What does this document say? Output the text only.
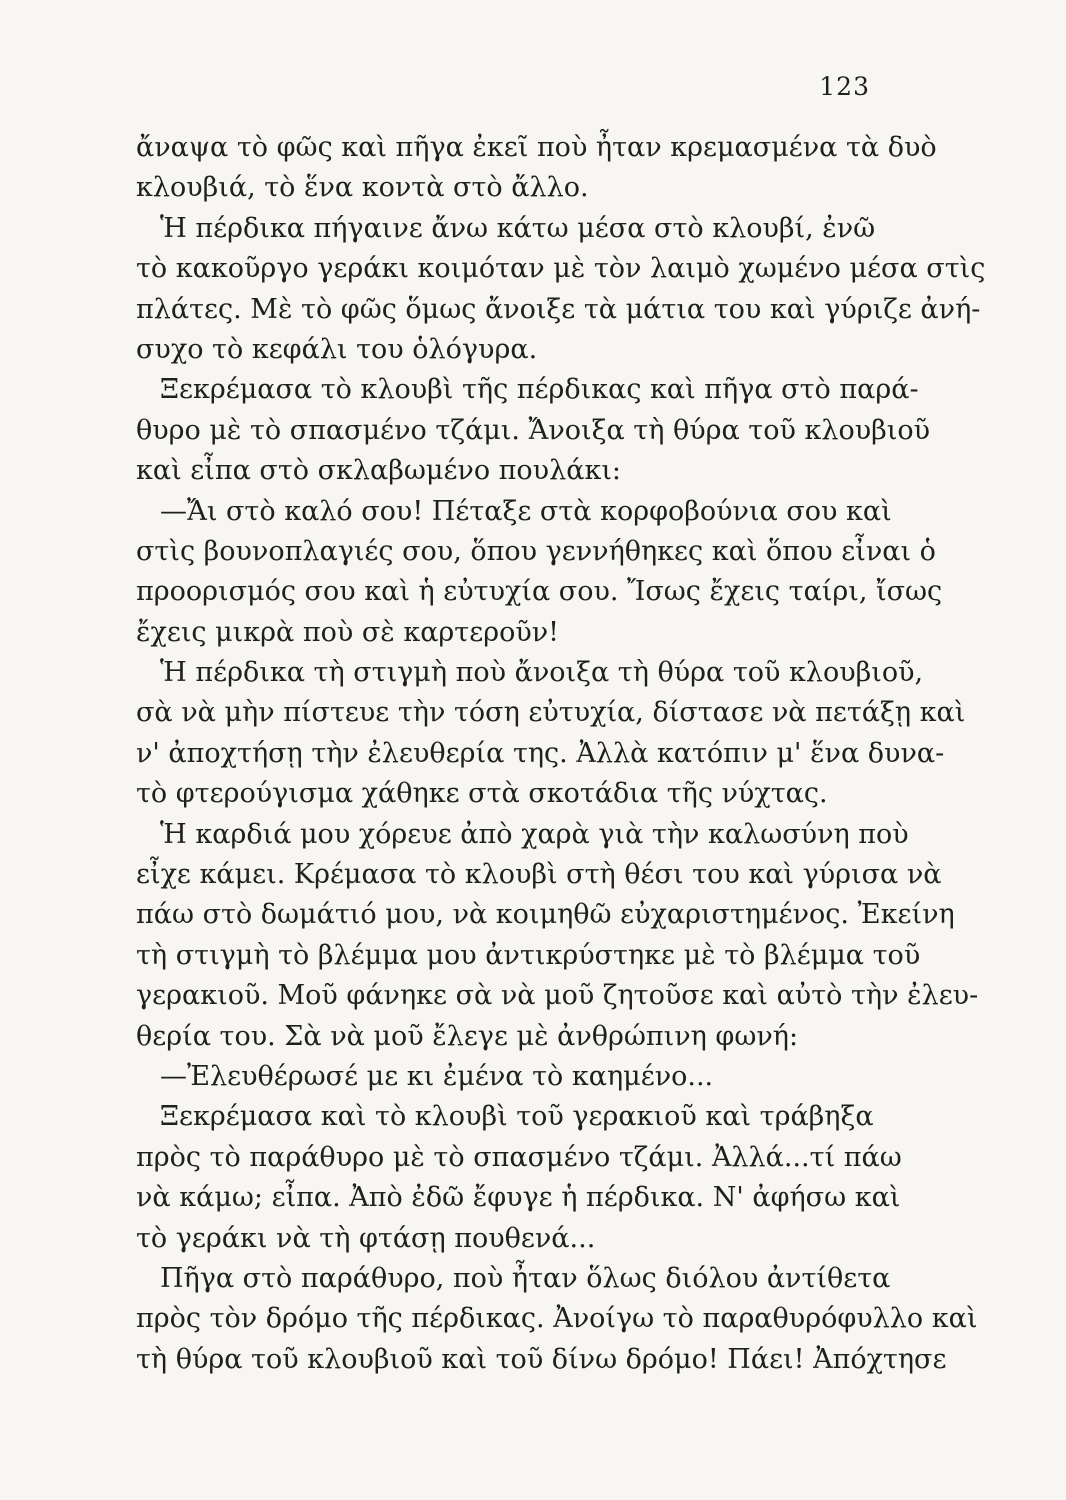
123
ἄναψα τὸ φῶς καὶ πῆγα ἐκεῖ ποὺ ἦταν κρεμασμένα τὰ δυὸ
κλουβιά, τὸ ἕνα κοντὰ στὸ ἄλλο.
Ἡ πέρδικα πήγαινε ἄνω κάτω μέσα στὸ κλουβί, ἐνῶ
τὸ κακοῦργο γεράκι κοιμόταν μὲ τὸν λαιμὸ χωμένο μέσα στὶς
πλάτες. Μὲ τὸ φῶς ὅμως ἄνοιξε τὰ μάτια του καὶ γύριζε ἀνή-
συχο τὸ κεφάλι του ὁλόγυρα.
Ξεκρέμασα τὸ κλουβὶ τῆς πέρδικας καὶ πῆγα στὸ παρά-
θυρο μὲ τὸ σπασμένο τζάμι. Ἄνοιξα τὴ θύρα τοῦ κλουβιοῦ
καὶ εἶπα στὸ σκλαβωμένο πουλάκι:
—Ἄι στὸ καλό σου! Πέταξε στὰ κορφοβούνια σου καὶ
στὶς βουνοπλαγιές σου, ὅπου γεννήθηκες καὶ ὅπου εἶναι ὁ
προορισμός σου καὶ ἡ εὐτυχία σου. Ἴσως ἔχεις ταίρι, ἴσως
ἔχεις μικρὰ ποὺ σὲ καρτεροῦν!
Ἡ πέρδικα τὴ στιγμὴ ποὺ ἄνοιξα τὴ θύρα τοῦ κλουβιοῦ,
σὰ νὰ μὴν πίστευε τὴν τόση εὐτυχία, δίστασε νὰ πετάξῃ καὶ
ν' ἀποχτήσῃ τὴν ἐλευθερία της. Ἀλλὰ κατόπιν μ' ἕνα δυνα-
τὸ φτερούγισμα χάθηκε στὰ σκοτάδια τῆς νύχτας.
Ἡ καρδιά μου χόρευε ἀπὸ χαρὰ γιὰ τὴν καλωσύνη ποὺ
εἶχε κάμει. Κρέμασα τὸ κλουβὶ στὴ θέσι του καὶ γύρισα νὰ
πάω στὸ δωμάτιό μου, νὰ κοιμηθῶ εὐχαριστημένος. Ἐκείνη
τὴ στιγμὴ τὸ βλέμμα μου ἀντικρύστηκε μὲ τὸ βλέμμα τοῦ
γερακιοῦ. Μοῦ φάνηκε σὰ νὰ μοῦ ζητοῦσε καὶ αὐτὸ τὴν ἐλευ-
θερία του. Σὰ νὰ μοῦ ἔλεγε μὲ ἀνθρώπινη φωνή:
—Ἐλευθέρωσέ με κι ἐμένα τὸ καημένο...
Ξεκρέμασα καὶ τὸ κλουβὶ τοῦ γερακιοῦ καὶ τράβηξα
πρὸς τὸ παράθυρο μὲ τὸ σπασμένο τζάμι. Ἀλλά...τί πάω
νὰ κάμω; εἶπα. Ἀπὸ ἐδῶ ἔφυγε ἡ πέρδικα. Ν' ἀφήσω καὶ
τὸ γεράκι νὰ τὴ φτάσῃ πουθενά...
Πῆγα στὸ παράθυρο, ποὺ ἦταν ὅλως διόλου ἀντίθετα
πρὸς τὸν δρόμο τῆς πέρδικας. Ἀνοίγω τὸ παραθυρόφυλλο καὶ
τὴ θύρα τοῦ κλουβιοῦ καὶ τοῦ δίνω δρόμο! Πάει! Ἀπόχτησε
